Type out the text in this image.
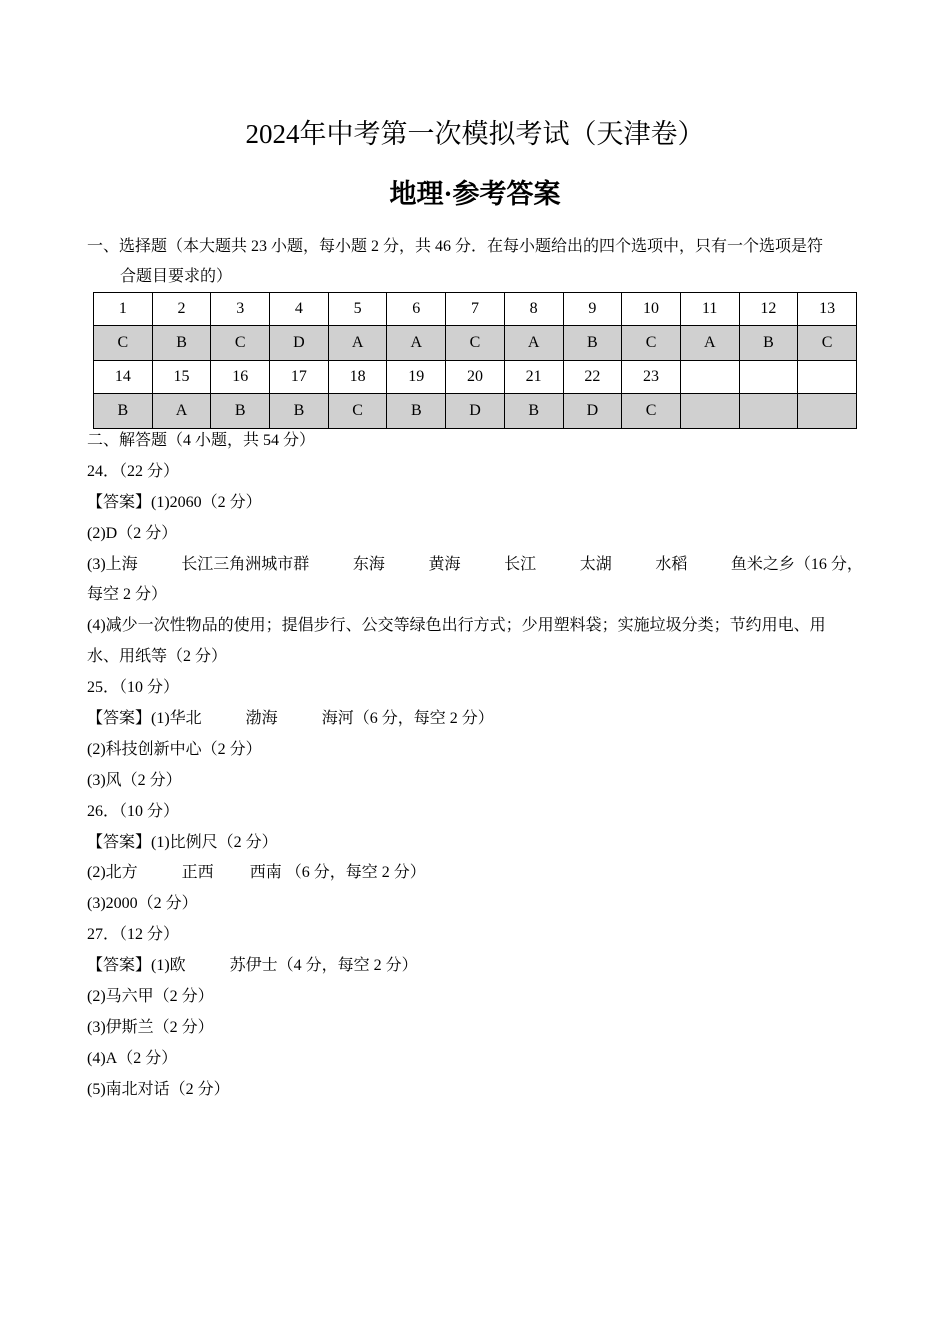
2024年中考第一次模拟考试（天津卷）
地理·参考答案
一、选择题（本大题共 23 小题，每小题 2 分，共 46 分．在每小题给出的四个选项中，只有一个选项是符
合题目要求的）
1	2	3	4	5	6	7	8	9	10	11	12	13
C	B	C	D	A	A	C	A	B	C	A	B	C
14	15	16	17	18	19	20	21	22	23			
B	A	B	B	C	B	D	B	D	C			
二、解答题（4 小题，共 54 分）
24．（22 分）
【答案】(1)2060（2 分）
(2)D（2 分）
(3)上海	长江三角洲城市群	东海	黄海	长江	太湖	水稻	鱼米之乡（16 分，
每空 2 分）
(4)减少一次性物品的使用；提倡步行、公交等绿色出行方式；少用塑料袋；实施垃圾分类；节约用电、用
水、用纸等（2 分）
25．（10 分）
【答案】(1)华北	渤海	海河（6 分，每空 2 分）
(2)科技创新中心（2 分）
(3)风（2 分）
26．（10 分）
【答案】(1)比例尺（2 分）
(2)北方	正西 西南 （6 分，每空 2 分）
(3)2000（2 分）
27．（12 分）
【答案】(1)欧	苏伊士（4 分，每空 2 分）
(2)马六甲（2 分）
(3)伊斯兰（2 分）
(4)A（2 分）
(5)南北对话（2 分）
